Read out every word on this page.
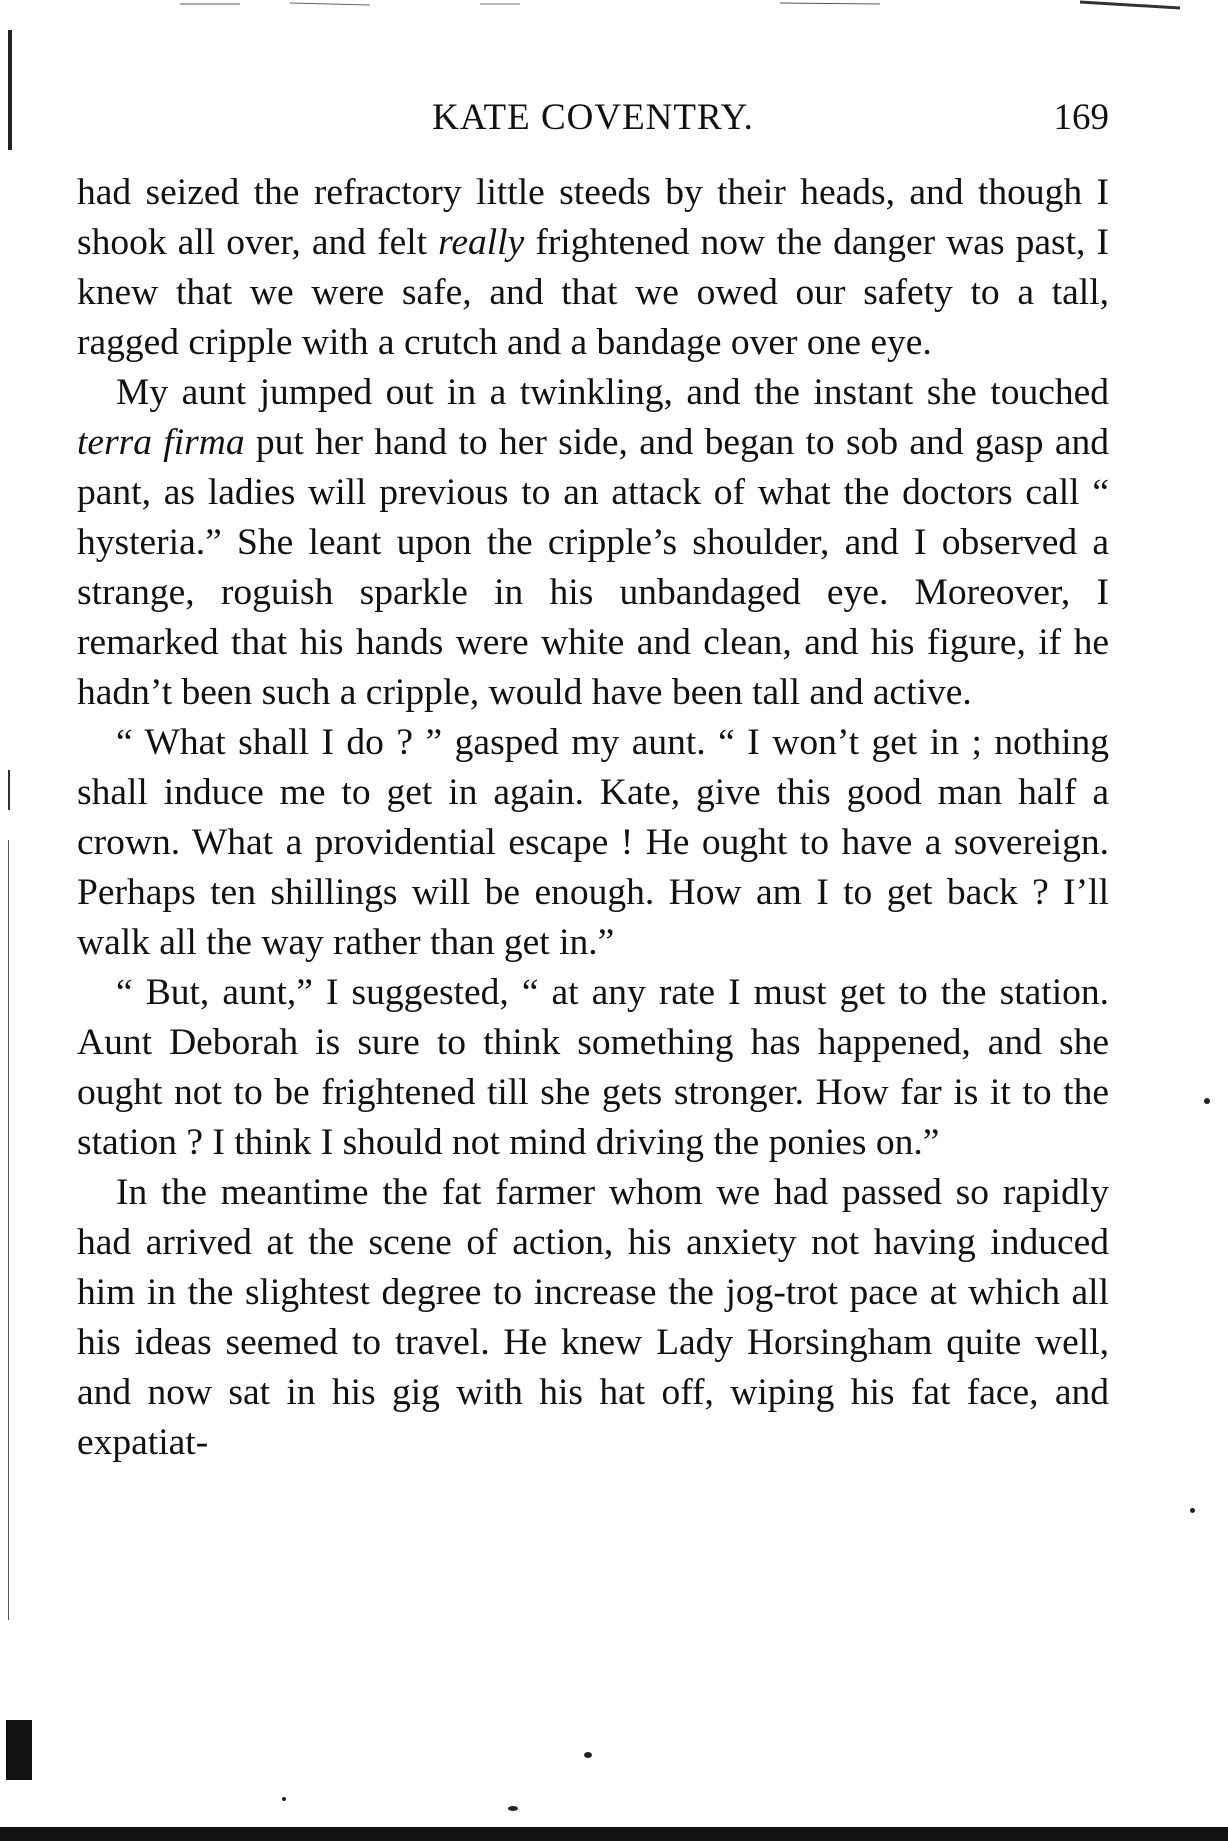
KATE COVENTRY.	169

had seized the refractory little steeds by their heads, and though I shook all over, and felt really frightened now the danger was past, I knew that we were safe, and that we owed our safety to a tall, ragged cripple with a crutch and a bandage over one eye.

My aunt jumped out in a twinkling, and the instant she touched terra firma put her hand to her side, and began to sob and gasp and pant, as ladies will previous to an attack of what the doctors call “ hysteria.” She leant upon the cripple’s shoulder, and I observed a strange, roguish sparkle in his unbandaged eye. Moreover, I remarked that his hands were white and clean, and his figure, if he hadn’t been such a cripple, would have been tall and active.

“ What shall I do ? ” gasped my aunt. “ I won’t get in ; nothing shall induce me to get in again. Kate, give this good man half a crown. What a providential escape ! He ought to have a sovereign. Perhaps ten shillings will be enough. How am I to get back ? I’ll walk all the way rather than get in.”

“ But, aunt,” I suggested, “ at any rate I must get to the station. Aunt Deborah is sure to think something has happened, and she ought not to be frightened till she gets stronger. How far is it to the station ? I think I should not mind driving the ponies on.”

In the meantime the fat farmer whom we had passed so rapidly had arrived at the scene of action, his anxiety not having induced him in the slightest degree to increase the jog-trot pace at which all his ideas seemed to travel. He knew Lady Horsingham quite well, and now sat in his gig with his hat off, wiping his fat face, and expatiat-
